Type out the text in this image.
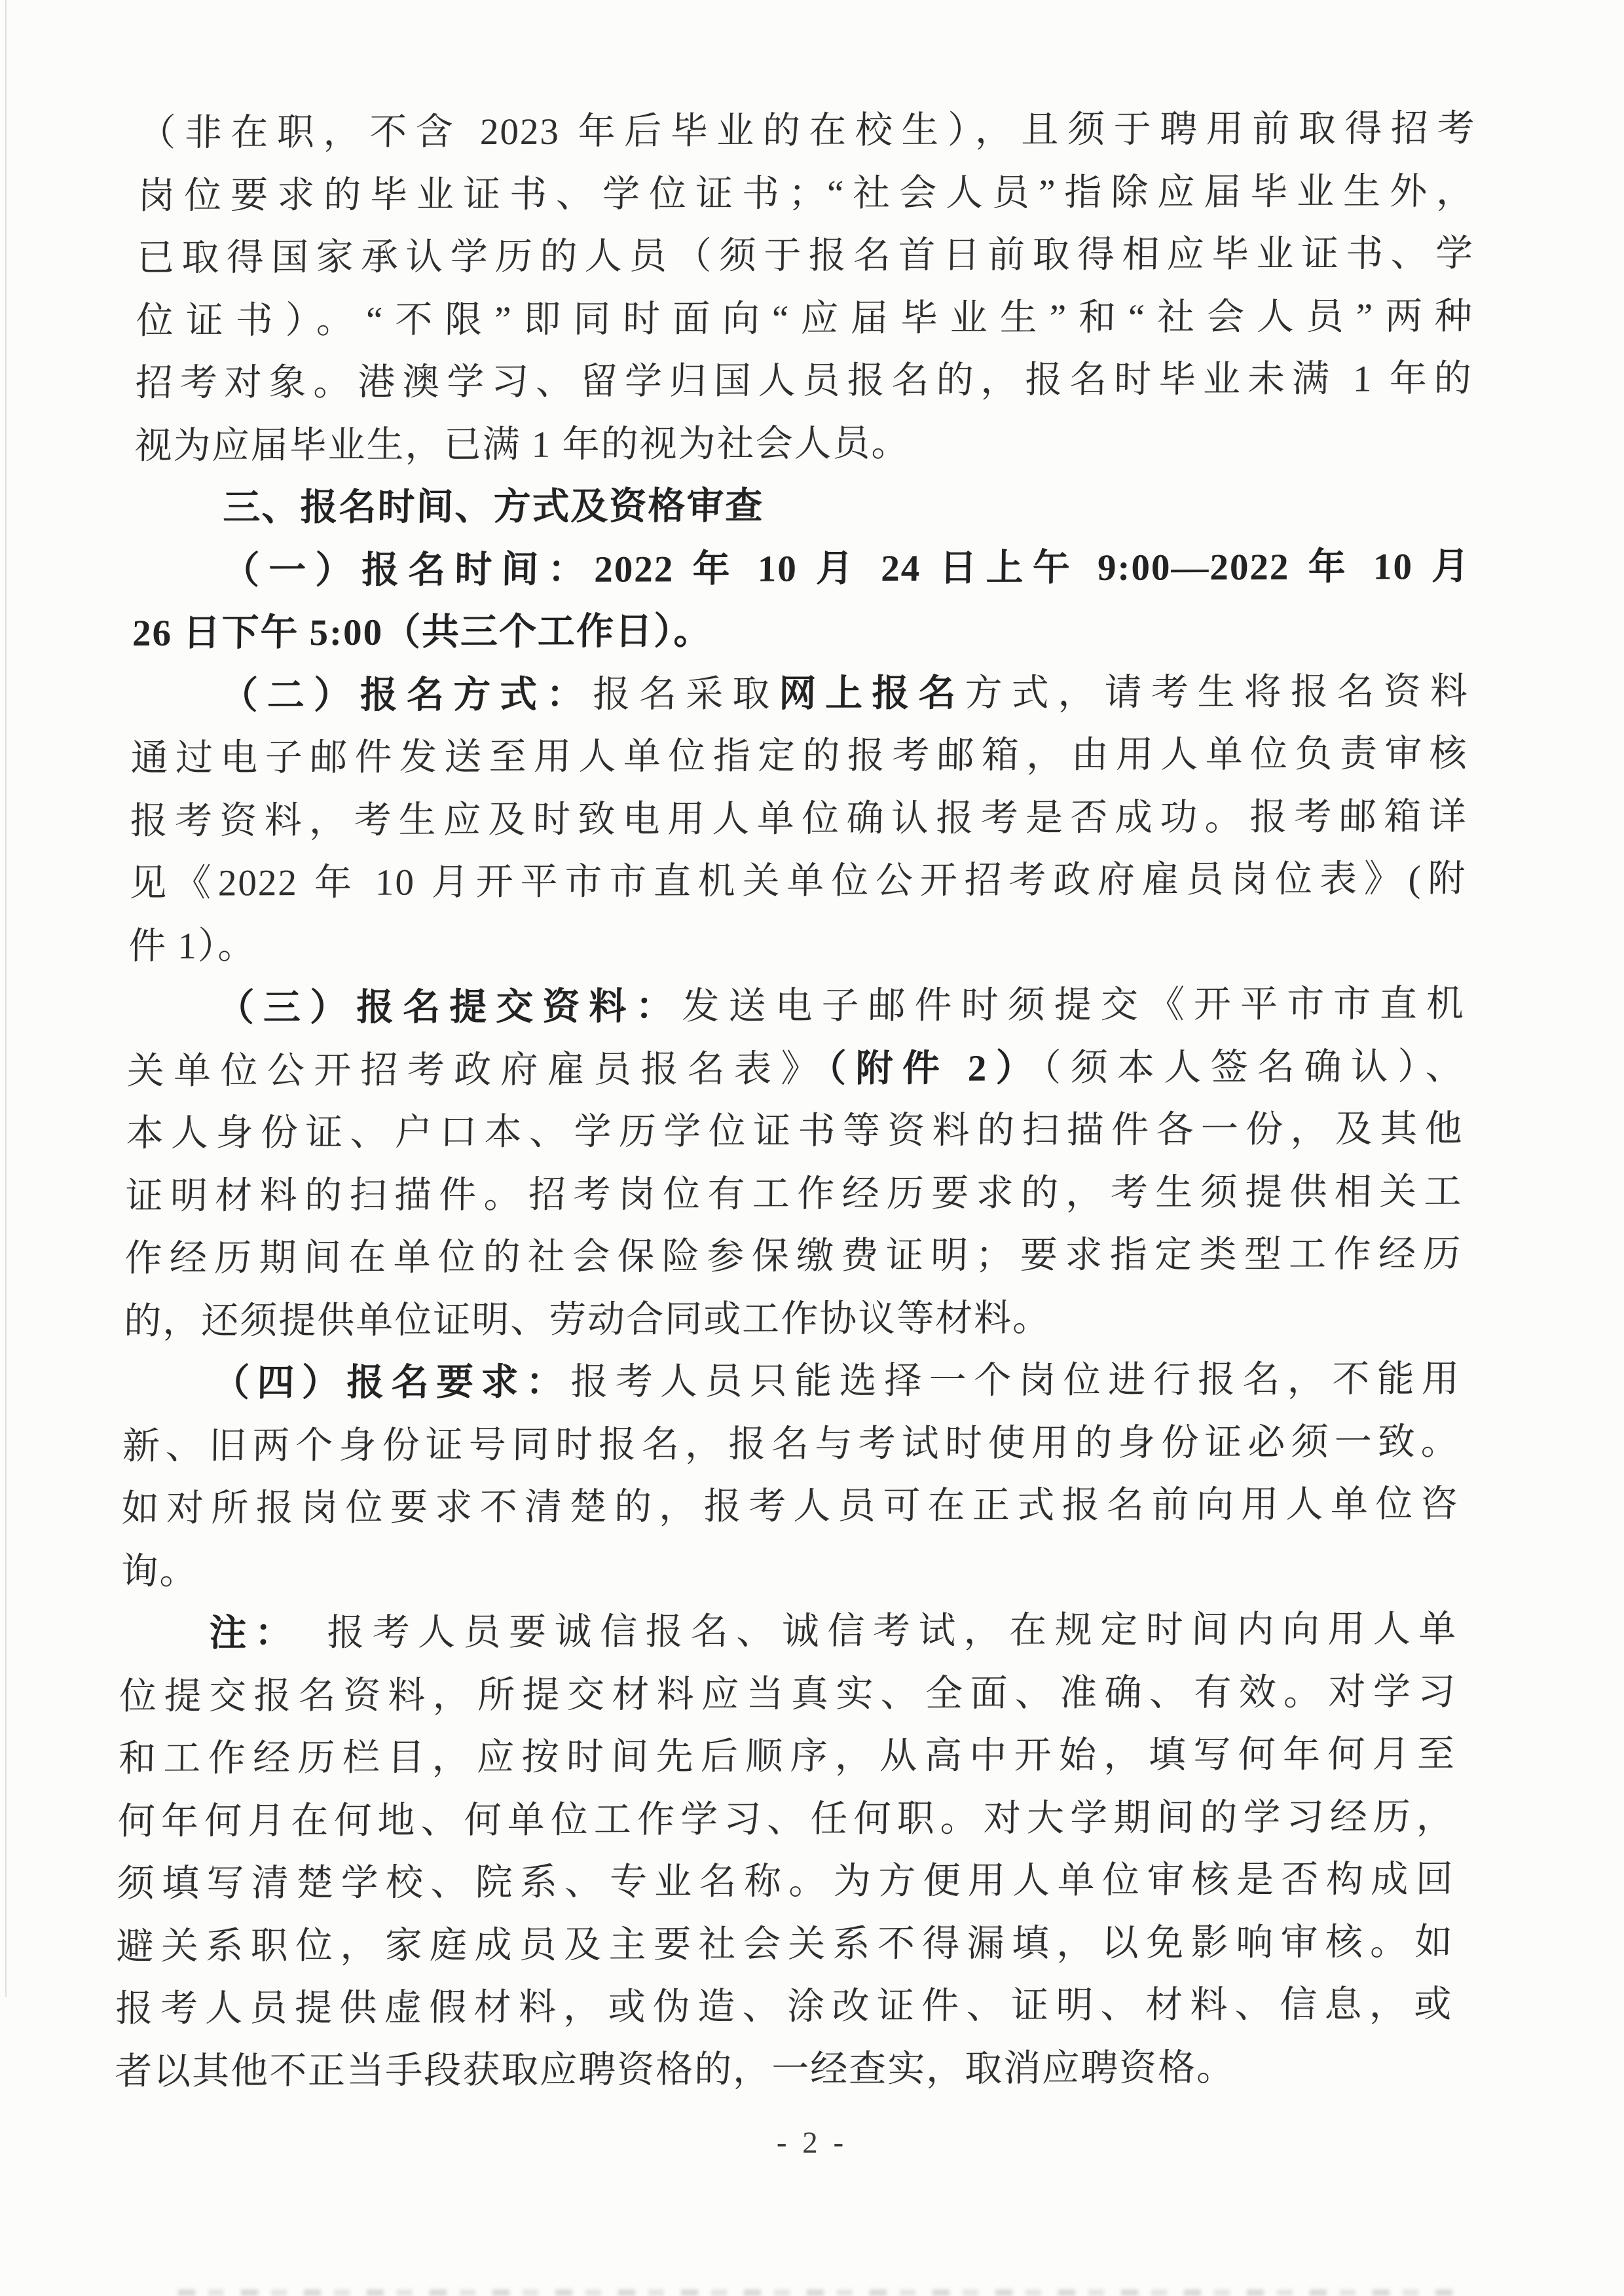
（非在职，不含 2023 年后毕业的在校生），且须于聘用前取得招考
岗位要求的毕业证书、学位证书；“社会人员”指除应届毕业生外，
已取得国家承认学历的人员（须于报名首日前取得相应毕业证书、学
位证书）。“不限”即同时面向“应届毕业生”和“社会人员”两种
招考对象。港澳学习、留学归国人员报名的，报名时毕业未满 1 年的
视为应届毕业生，已满 1 年的视为社会人员。
三、报名时间、方式及资格审查
（一）报名时间：2022 年 10 月 24 日上午 9:00—2022 年 10 月
26 日下午 5:00（共三个工作日）。
（二）报名方式：报名采取网上报名方式，请考生将报名资料
通过电子邮件发送至用人单位指定的报考邮箱，由用人单位负责审核
报考资料，考生应及时致电用人单位确认报考是否成功。报考邮箱详
见《2022 年 10 月开平市市直机关单位公开招考政府雇员岗位表》(附
件 1）。
（三）报名提交资料：发送电子邮件时须提交《开平市市直机
关单位公开招考政府雇员报名表》（附件 2）（须本人签名确认）、
本人身份证、户口本、学历学位证书等资料的扫描件各一份，及其他
证明材料的扫描件。招考岗位有工作经历要求的，考生须提供相关工
作经历期间在单位的社会保险参保缴费证明；要求指定类型工作经历
的，还须提供单位证明、劳动合同或工作协议等材料。
（四）报名要求：报考人员只能选择一个岗位进行报名，不能用
新、旧两个身份证号同时报名，报名与考试时使用的身份证必须一致。
如对所报岗位要求不清楚的，报考人员可在正式报名前向用人单位咨
询。
注：　报考人员要诚信报名、诚信考试，在规定时间内向用人单
位提交报名资料，所提交材料应当真实、全面、准确、有效。对学习
和工作经历栏目，应按时间先后顺序，从高中开始，填写何年何月至
何年何月在何地、何单位工作学习、任何职。对大学期间的学习经历，
须填写清楚学校、院系、专业名称。为方便用人单位审核是否构成回
避关系职位，家庭成员及主要社会关系不得漏填，以免影响审核。如
报考人员提供虚假材料，或伪造、涂改证件、证明、材料、信息，或
者以其他不正当手段获取应聘资格的，一经查实，取消应聘资格。
- 2 -
